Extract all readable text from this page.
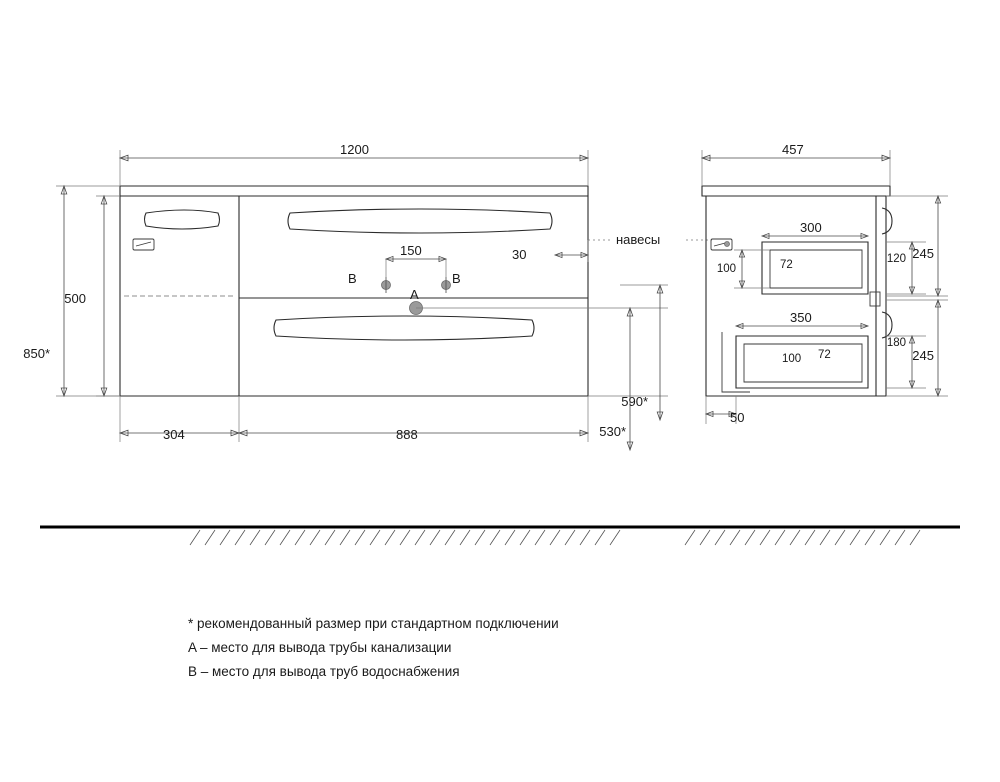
B	B
A
150	30
1200
500
850*
304	888
590*
530*
навесы
72
100 72
457
300
100
350
120 245
180
245
50
* рекомендованный размер при стандартном подключении
A – место для вывода трубы канализации
B – место для вывода труб водоснабжения
